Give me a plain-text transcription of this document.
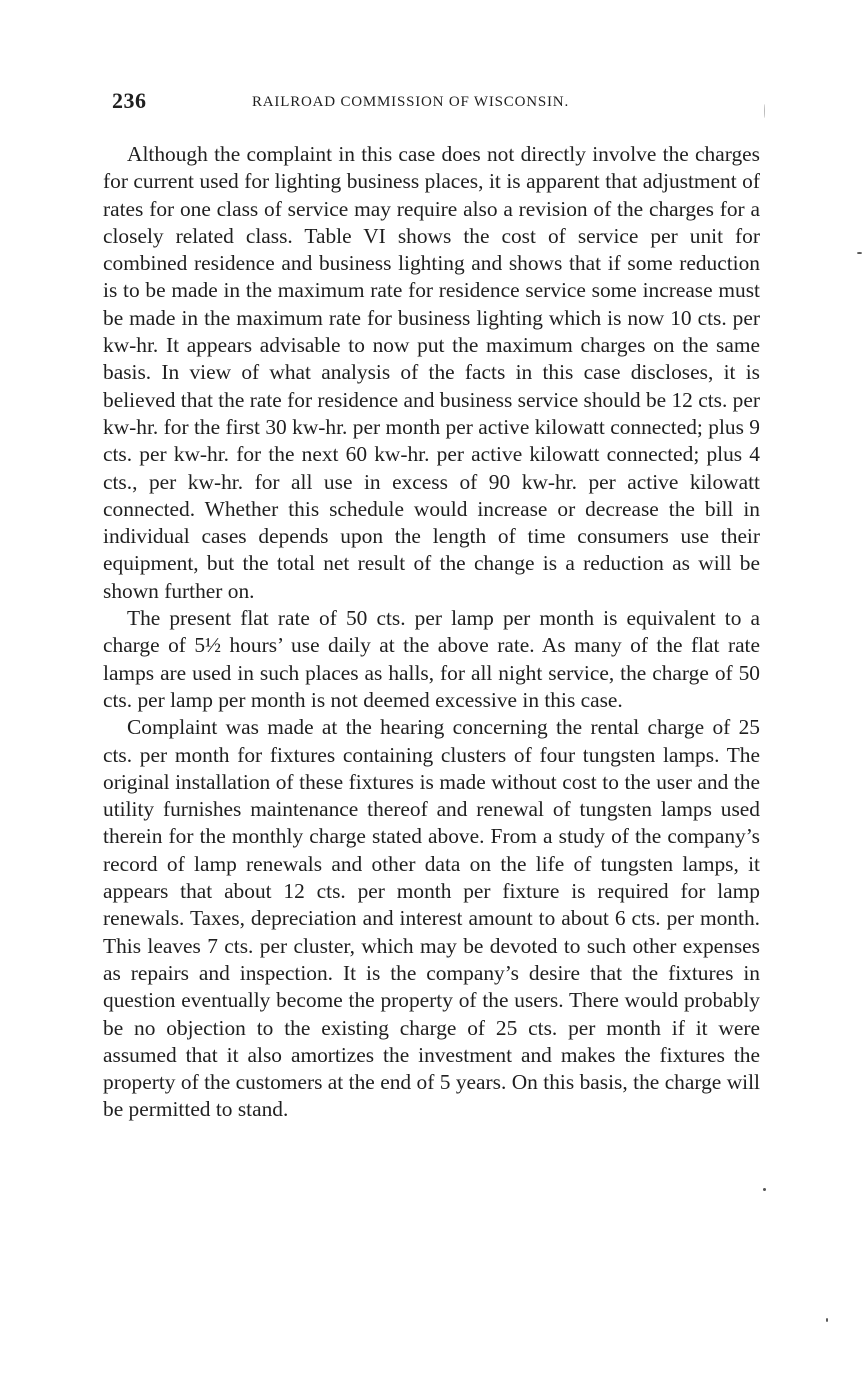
236	RAILROAD COMMISSION OF WISCONSIN.

Although the complaint in this case does not directly involve the charges for current used for lighting business places, it is apparent that adjustment of rates for one class of service may require also a revision of the charges for a closely related class. Table VI shows the cost of service per unit for combined residence and business lighting and shows that if some reduction is to be made in the maximum rate for residence service some increase must be made in the maximum rate for business lighting which is now 10 cts. per kw-hr. It appears advisable to now put the maximum charges on the same basis. In view of what analysis of the facts in this case discloses, it is believed that the rate for residence and business service should be 12 cts. per kw-hr. for the first 30 kw-hr. per month per active kilowatt connected; plus 9 cts. per kw-hr. for the next 60 kw-hr. per active kilowatt connected; plus 4 cts., per kw-hr. for all use in excess of 90 kw-hr. per active kilowatt connected. Whether this schedule would increase or decrease the bill in individual cases depends upon the length of time consumers use their equipment, but the total net result of the change is a reduction as will be shown further on.

The present flat rate of 50 cts. per lamp per month is equivalent to a charge of 5½ hours’ use daily at the above rate. As many of the flat rate lamps are used in such places as halls, for all night service, the charge of 50 cts. per lamp per month is not deemed excessive in this case.

Complaint was made at the hearing concerning the rental charge of 25 cts. per month for fixtures containing clusters of four tungsten lamps. The original installation of these fixtures is made without cost to the user and the utility furnishes maintenance thereof and renewal of tungsten lamps used therein for the monthly charge stated above. From a study of the company’s record of lamp renewals and other data on the life of tungsten lamps, it appears that about 12 cts. per month per fixture is required for lamp renewals. Taxes, depreciation and interest amount to about 6 cts. per month. This leaves 7 cts. per cluster, which may be devoted to such other expenses as repairs and inspection. It is the company’s desire that the fixtures in question eventually become the property of the users. There would probably be no objection to the existing charge of 25 cts. per month if it were assumed that it also amortizes the investment and makes the fixtures the property of the customers at the end of 5 years. On this basis, the charge will be permitted to stand.
